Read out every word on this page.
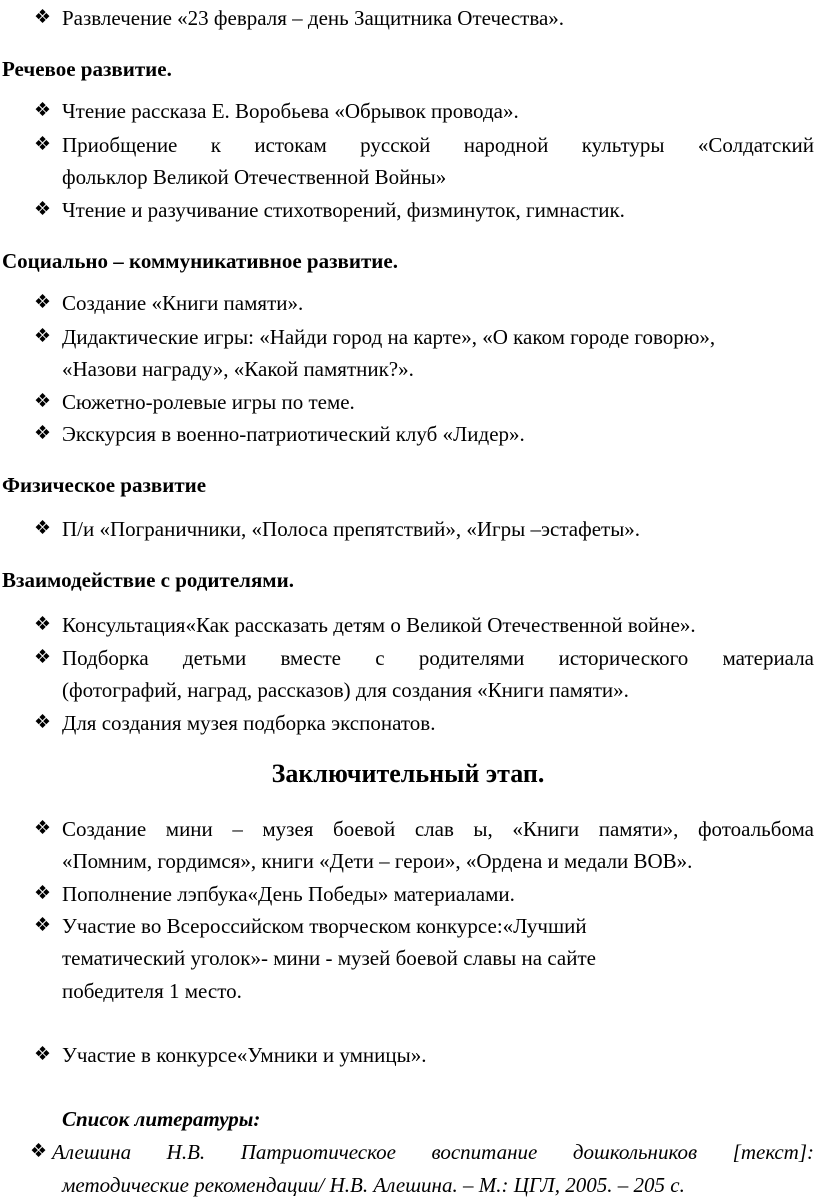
❖ Развлечение «23 февраля – день Защитника Отечества».
Речевое развитие.
❖ Чтение рассказа Е. Воробьева «Обрывок провода».
❖ Приобщение к истокам русской народной культуры «Солдатский
фольклор Великой Отечественной Войны»
❖ Чтение и разучивание стихотворений, физминуток, гимнастик.
Социально – коммуникативное развитие.
❖ Создание «Книги памяти».
❖ Дидактические игры: «Найди город на карте», «О каком городе говорю»,
«Назови награду», «Какой памятник?».
❖ Сюжетно-ролевые игры по теме.
❖ Экскурсия в военно-патриотический клуб «Лидер».
Физическое развитие
❖ П/и «Пограничники, «Полоса препятствий», «Игры –эстафеты».
Взаимодействие с родителями.
❖ Консультация«Как рассказать детям о Великой Отечественной войне».
❖ Подборка детьми вместе с родителями исторического материала
(фотографий, наград, рассказов) для создания «Книги памяти».
❖ Для создания музея подборка экспонатов.
Заключительный этап.
❖ Создание мини – музея боевой слав ы, «Книги памяти», фотоальбома
«Помним, гордимся», книги «Дети – герои», «Ордена и медали ВОВ».
❖ Пополнение лэпбука«День Победы» материалами.
❖ Участие во Всероссийском творческом конкурсе:«Лучший
тематический уголок»- мини - музей боевой славы на сайте
победителя 1 место.
❖ Участие в конкурсе«Умники и умницы».
Список литературы:
❖ Алешина Н.В. Патриотическое воспитание дошкольников [текст]:
методические рекомендации/ Н.В. Алешина. – М.: ЦГЛ, 2005. – 205 с.
